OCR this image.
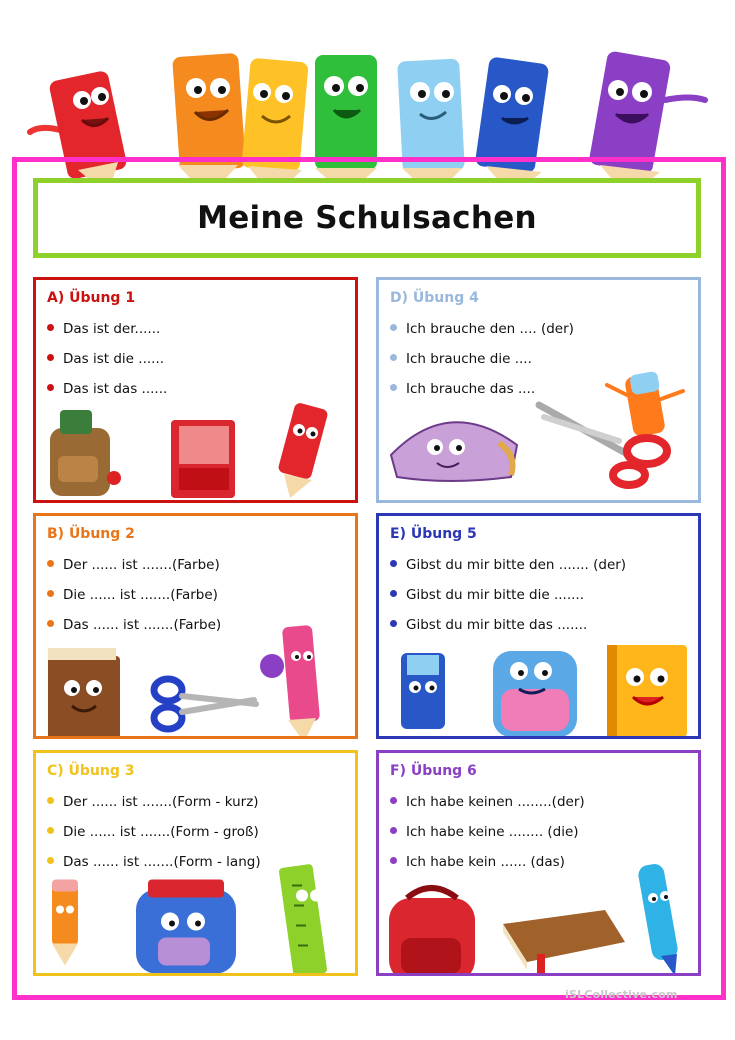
Meine Schulsachen
A) Übung 1
Das ist der......
Das ist die ......
Das ist das ......
D) Übung 4
Ich brauche den .... (der)
Ich brauche die ....
Ich brauche das ....
B) Übung 2
Der ...... ist .......(Farbe)
Die ...... ist .......(Farbe)
Das ...... ist .......(Farbe)
E) Übung 5
Gibst du mir bitte den ....... (der)
Gibst du mir bitte die .......
Gibst du mir bitte das .......
C) Übung 3
Der ...... ist .......(Form - kurz)
Die ...... ist .......(Form - groß)
Das ...... ist .......(Form - lang)
F) Übung 6
Ich habe keinen ........(der)
Ich habe keine ........ (die)
Ich habe kein ...... (das)
iSLCollective.com
